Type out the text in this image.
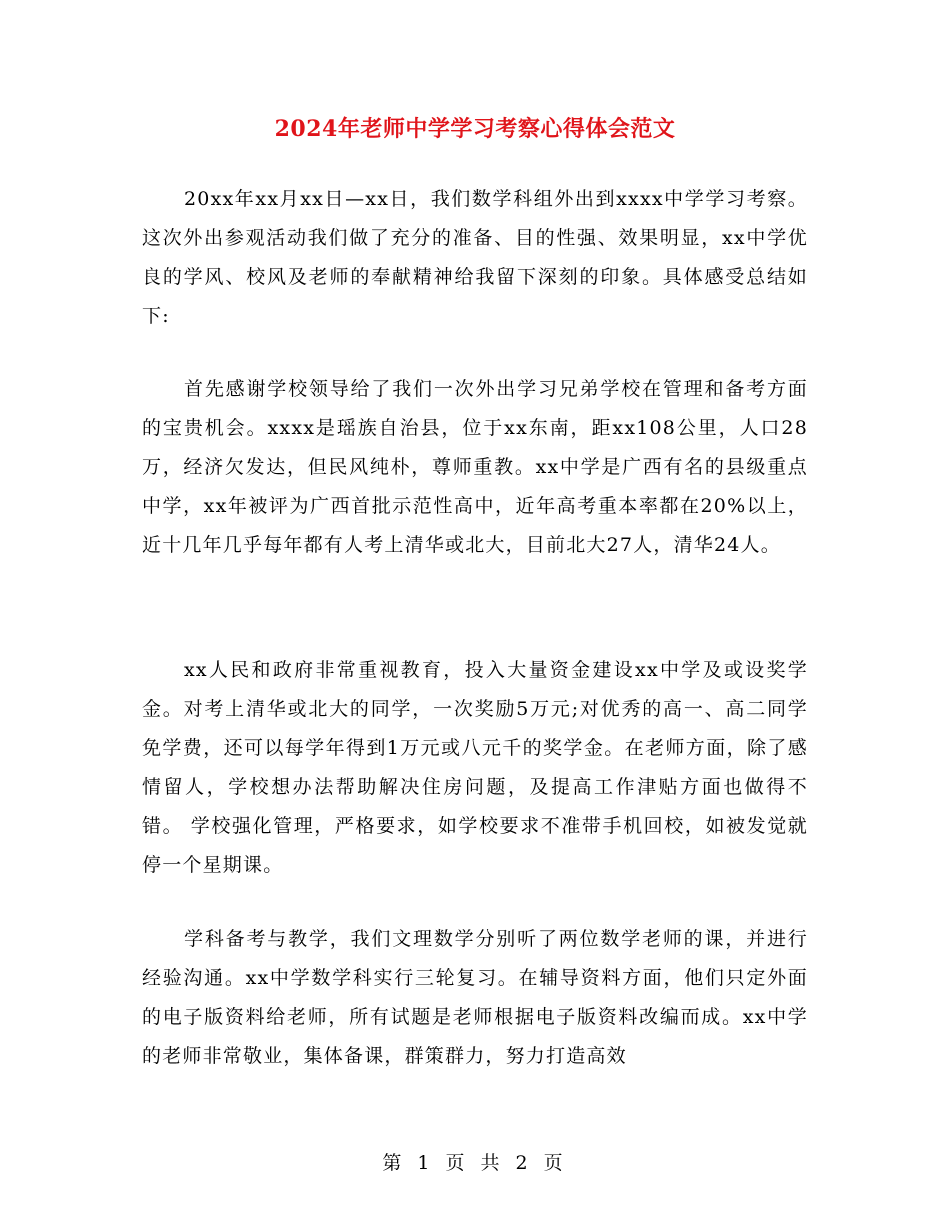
2024年老师中学学习考察心得体会范文
20xx年xx月xx日—xx日，我们数学科组外出到xxxx中学学习考察。这次外出参观活动我们做了充分的准备、目的性强、效果明显，xx中学优良的学风、校风及老师的奉献精神给我留下深刻的印象。具体感受总结如下:
首先感谢学校领导给了我们一次外出学习兄弟学校在管理和备考方面的宝贵机会。xxxx是瑶族自治县，位于xx东南，距xx108公里，人口28万，经济欠发达，但民风纯朴，尊师重教。xx中学是广西有名的县级重点中学，xx年被评为广西首批示范性高中，近年高考重本率都在20%以上，近十几年几乎每年都有人考上清华或北大，目前北大27人，清华24人。
xx人民和政府非常重视教育，投入大量资金建设xx中学及或设奖学金。对考上清华或北大的同学，一次奖励5万元;对优秀的高一、高二同学免学费，还可以每学年得到1万元或八元千的奖学金。在老师方面，除了感情留人，学校想办法帮助解决住房问题，及提高工作津贴方面也做得不错。 学校强化管理，严格要求，如学校要求不准带手机回校，如被发觉就停一个星期课。
学科备考与教学，我们文理数学分别听了两位数学老师的课，并进行经验沟通。xx中学数学科实行三轮复习。在辅导资料方面，他们只定外面的电子版资料给老师，所有试题是老师根据电子版资料改编而成。xx中学的老师非常敬业，集体备课，群策群力，努力打造高效
第 1 页 共 2 页
